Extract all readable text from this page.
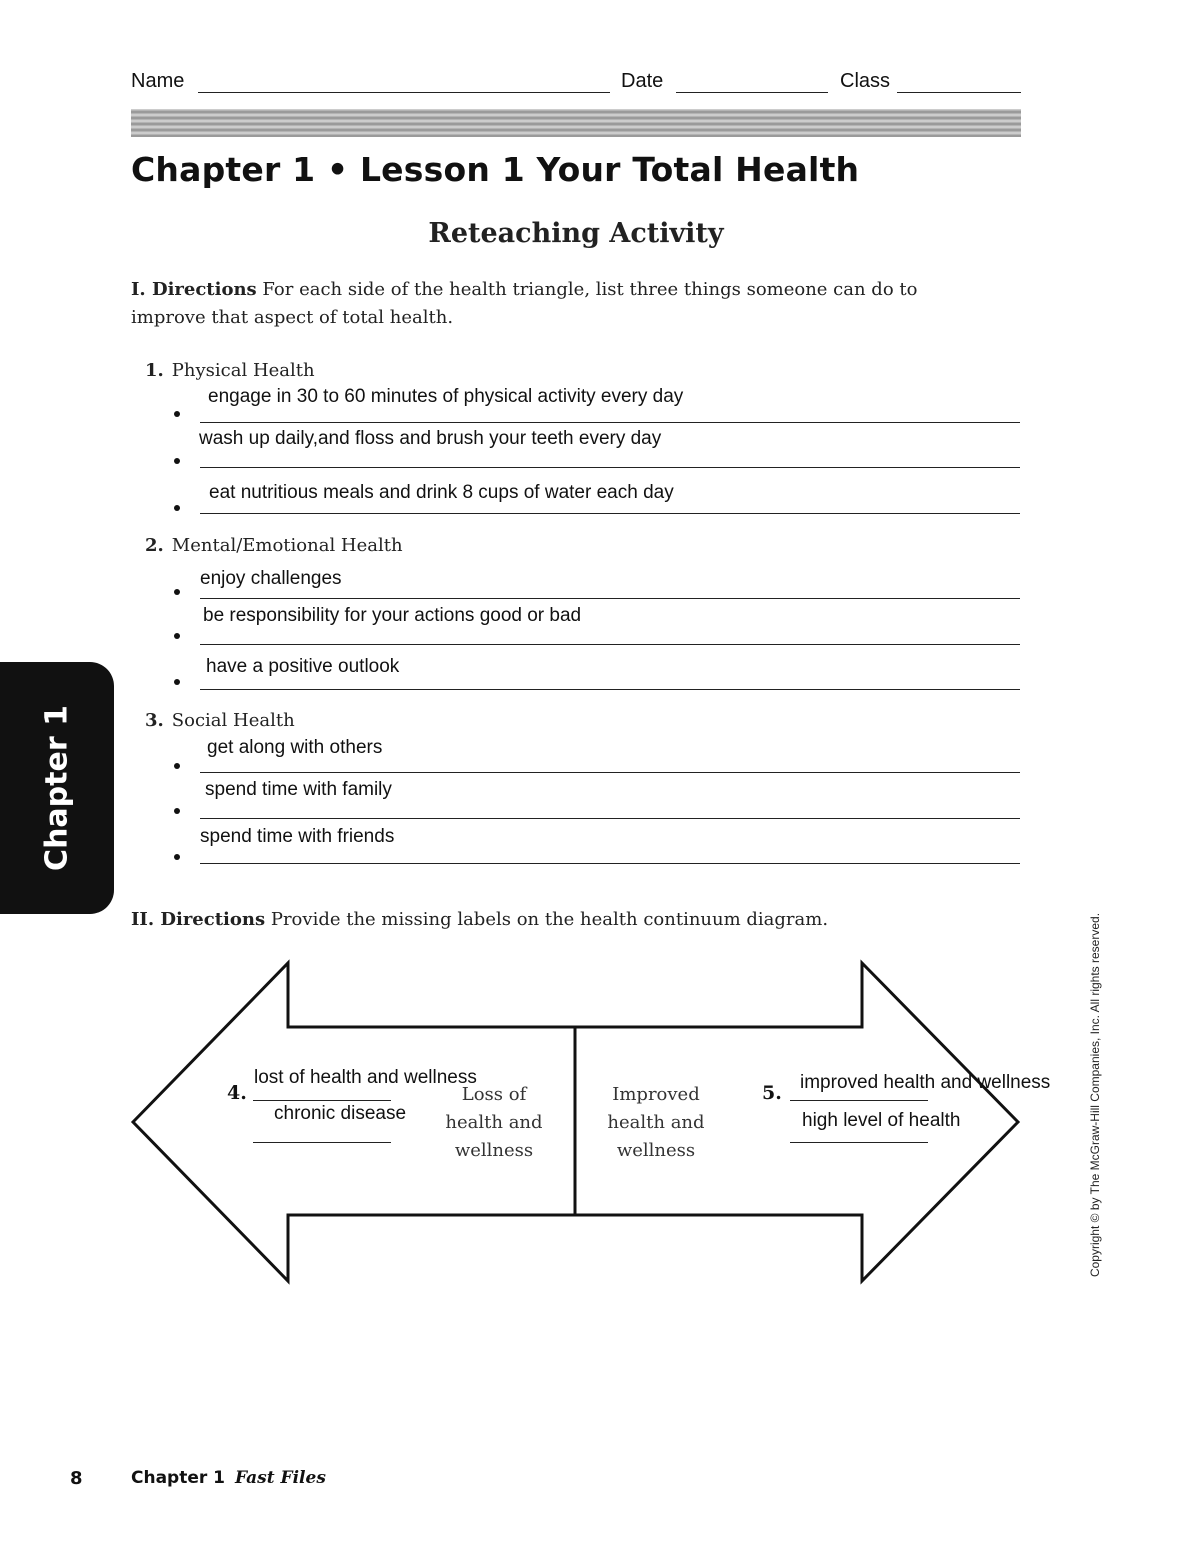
Name	Date	Class
Chapter 1 • Lesson 1 Your Total Health
Reteaching Activity
I. Directions For each side of the health triangle, list three things someone can do to improve that aspect of total health.
1. Physical Health
engage in 30 to 60 minutes of physical activity every day
wash up daily,and floss and brush your teeth every day
eat nutritious meals and drink 8 cups of water each day
2. Mental/Emotional Health
enjoy challenges
be responsibility for your actions good or bad
have a positive outlook
3. Social Health
get along with others
spend time with family
spend time with friends
Chapter 1
II. Directions Provide the missing labels on the health continuum diagram.	Copyright © by The McGraw-Hill Companies, Inc. All rights reserved.
4.
lost of health and wellness
chronic disease
Loss of
health and
wellness
Improved
health and
wellness
5. improved health and wellness
high level of health
8	Chapter 1 Fast Files
